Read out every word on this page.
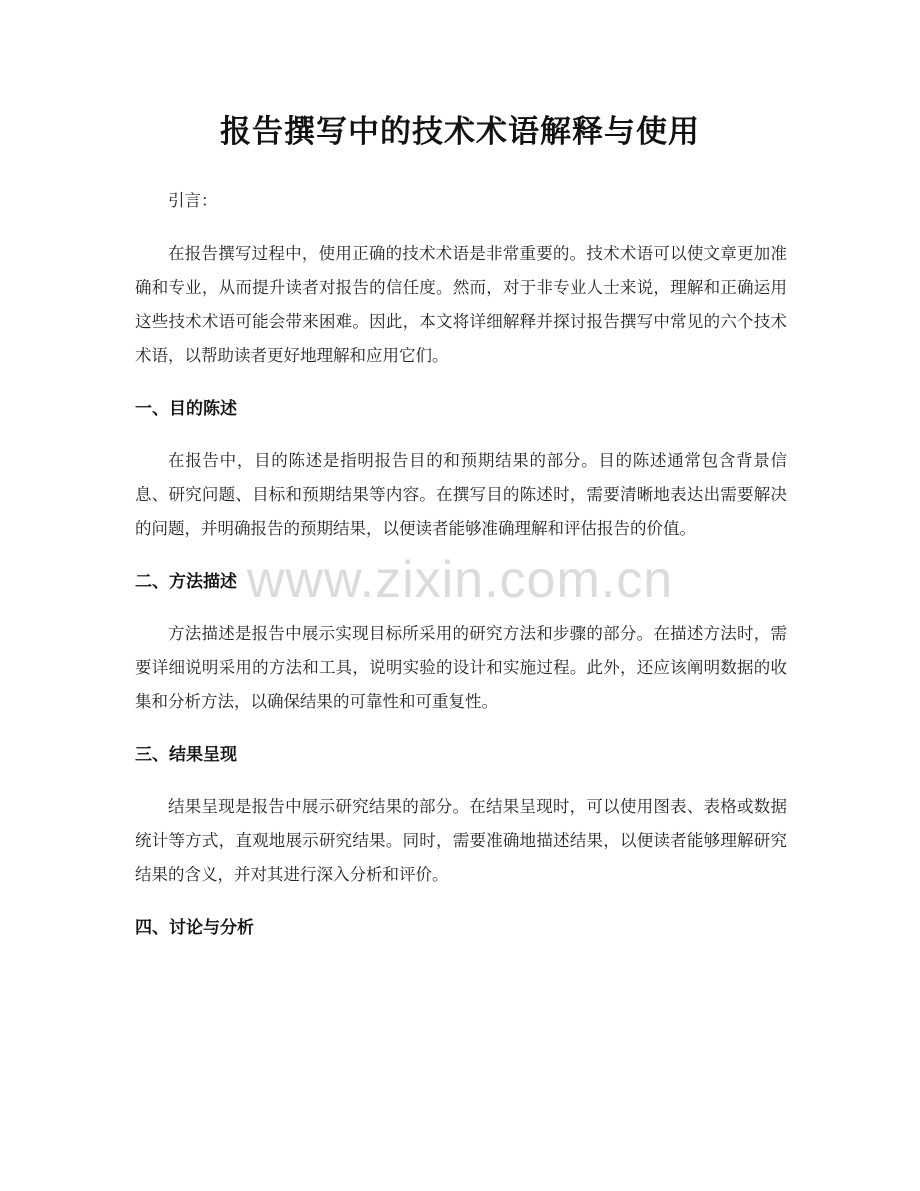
报告撰写中的技术术语解释与使用

引言：

在报告撰写过程中，使用正确的技术术语是非常重要的。技术术语可以使文章更加准确和专业，从而提升读者对报告的信任度。然而，对于非专业人士来说，理解和正确运用这些技术术语可能会带来困难。因此，本文将详细解释并探讨报告撰写中常见的六个技术术语，以帮助读者更好地理解和应用它们。

一、目的陈述

在报告中，目的陈述是指明报告目的和预期结果的部分。目的陈述通常包含背景信息、研究问题、目标和预期结果等内容。在撰写目的陈述时，需要清晰地表达出需要解决的问题，并明确报告的预期结果，以便读者能够准确理解和评估报告的价值。

二、方法描述

方法描述是报告中展示实现目标所采用的研究方法和步骤的部分。在描述方法时，需要详细说明采用的方法和工具，说明实验的设计和实施过程。此外，还应该阐明数据的收集和分析方法，以确保结果的可靠性和可重复性。

三、结果呈现

结果呈现是报告中展示研究结果的部分。在结果呈现时，可以使用图表、表格或数据统计等方式，直观地展示研究结果。同时，需要准确地描述结果，以便读者能够理解研究结果的含义，并对其进行深入分析和评价。

四、讨论与分析
www.zixin.com.cn
